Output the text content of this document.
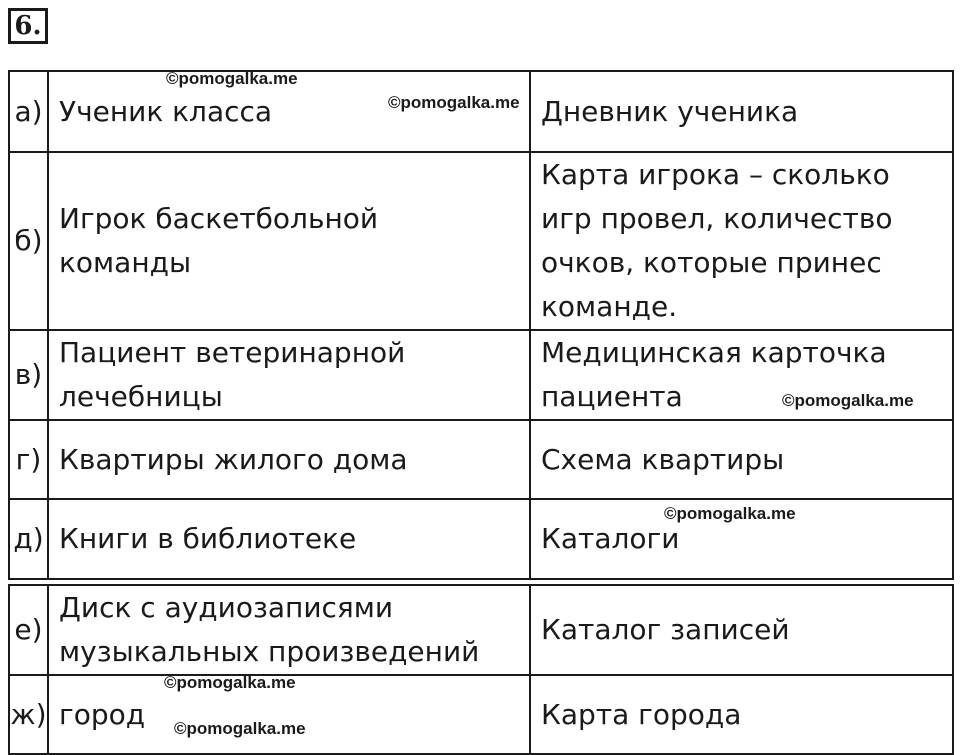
6.
а)	Ученик класса	Дневник ученика
б)	Игрок баскетбольной команды	Карта игрока – сколько игр провел, количество очков, которые принес команде.
в)	Пациент ветеринарной лечебницы	Медицинская карточка пациента
г)	Квартиры жилого дома	Схема квартиры
д)	Книги в библиотеке	Каталоги
е)	Диск с аудиозаписями музыкальных произведений	Каталог записей
ж)	город	Карта города
©pomogalka.me
©pomogalka.me
©pomogalka.me
©pomogalka.me
©pomogalka.me
©pomogalka.me
